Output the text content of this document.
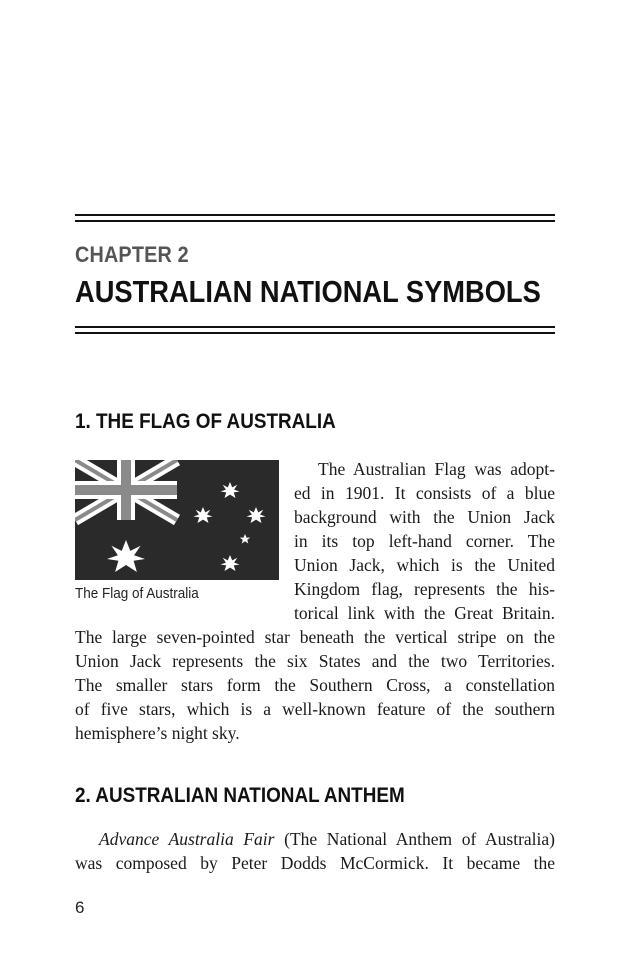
CHAPTER 2
AUSTRALIAN NATIONAL SYMBOLS
1. THE FLAG OF AUSTRALIA
The Flag of Australia
The Australian Flag was adopt-
ed in 1901. It consists of a blue
background with the Union Jack
in its top left-hand corner. The
Union Jack, which is the United
Kingdom flag, represents the his-
torical link with the Great Britain.
The large seven-pointed star beneath the vertical stripe on the
Union Jack represents the six States and the two Territories.
The smaller stars form the Southern Cross, a constellation
of five stars, which is a well-known feature of the southern
hemisphere’s night sky.
2. AUSTRALIAN NATIONAL ANTHEM
Advance Australia Fair (The National Anthem of Australia)
was composed by Peter Dodds McCormick. It became the
6
